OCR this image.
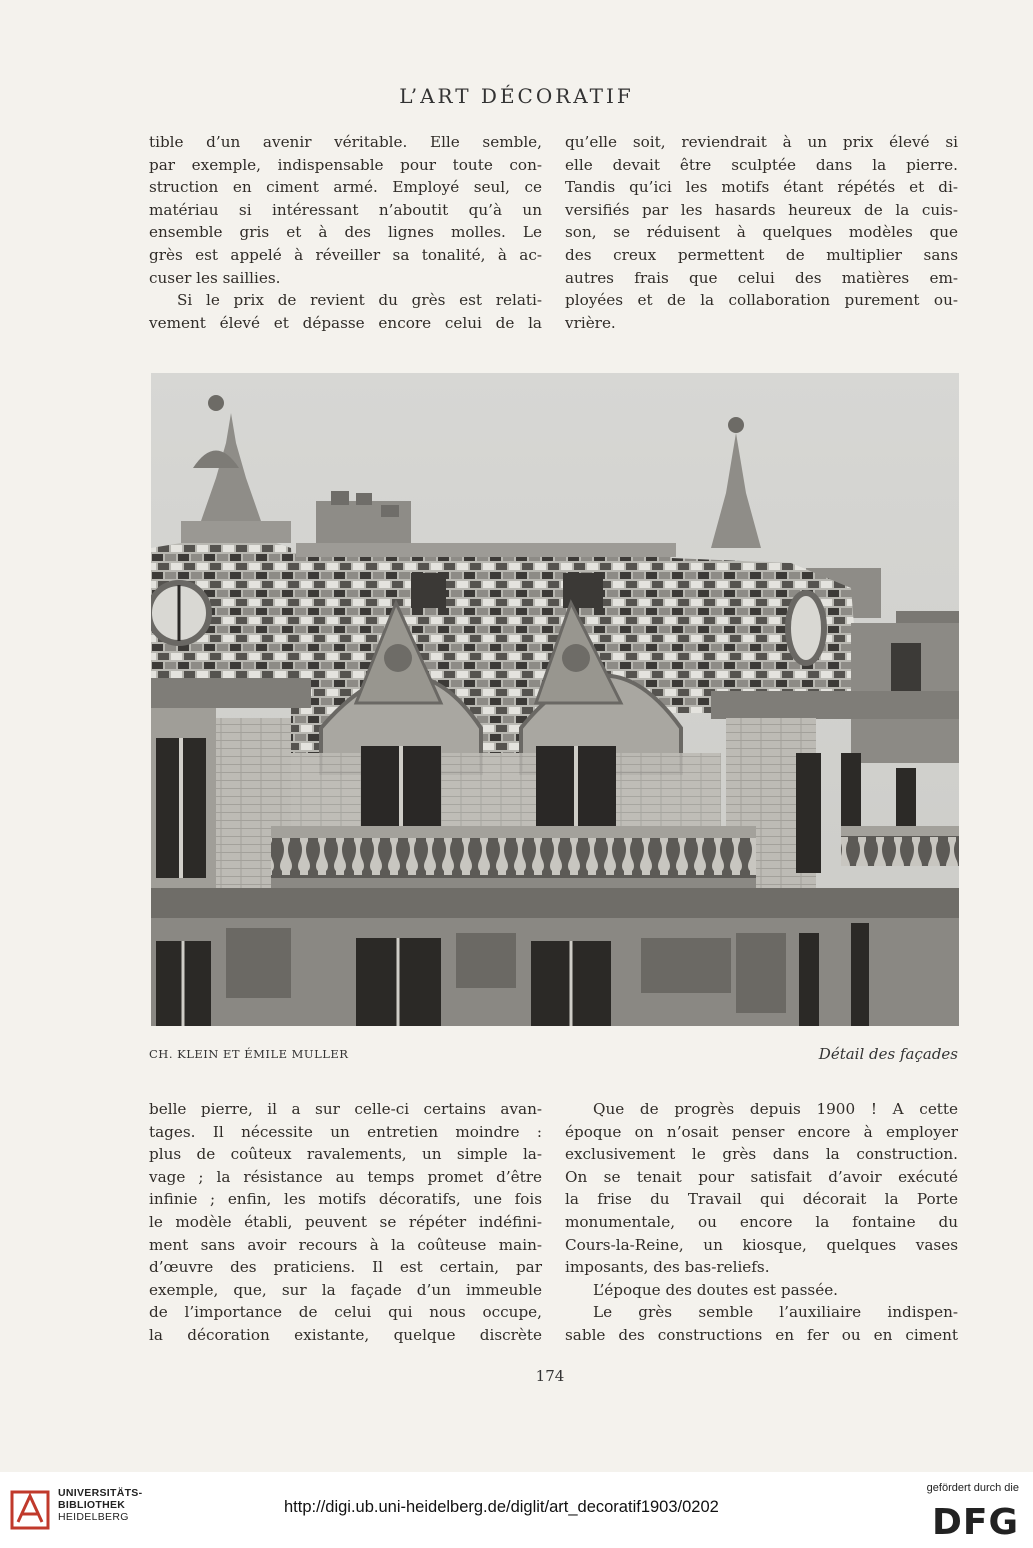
L’ART DÉCORATIF
tible d’un avenir véritable. Elle semble,
par exemple, indispensable pour toute con-
struction en ciment armé. Employé seul, ce
matériau si intéressant n’aboutit qu’à un
ensemble gris et à des lignes molles. Le
grès est appelé à réveiller sa tonalité, à ac-
cuser les saillies.
Si le prix de revient du grès est relati-
vement élevé et dépasse encore celui de la
qu’elle soit, reviendrait à un prix élevé si
elle devait être sculptée dans la pierre.
Tandis qu’ici les motifs étant répétés et di-
versifiés par les hasards heureux de la cuis-
son, se réduisent à quelques modèles que
des creux permettent de multiplier sans
autres frais que celui des matières em-
ployées et de la collaboration purement ou-
vrière.
CH. KLEIN ET ÉMILE MULLER	Détail des façades
belle pierre, il a sur celle-ci certains avan-
tages. Il nécessite un entretien moindre :
plus de coûteux ravalements, un simple la-
vage ; la résistance au temps promet d’être
infinie ; enfin, les motifs décoratifs, une fois
le modèle établi, peuvent se répéter indéfini-
ment sans avoir recours à la coûteuse main-
d’œuvre des praticiens. Il est certain, par
exemple, que, sur la façade d’un immeuble
de l’importance de celui qui nous occupe,
la décoration existante, quelque discrète
Que de progrès depuis 1900 ! A cette
époque on n’osait penser encore à employer
exclusivement le grès dans la construction.
On se tenait pour satisfait d’avoir exécuté
la frise du Travail qui décorait la Porte
monumentale, ou encore la fontaine du
Cours-la-Reine, un kiosque, quelques vases
imposants, des bas-reliefs.
L’époque des doutes est passée.
Le grès semble l’auxiliaire indispen-
sable des constructions en fer ou en ciment
174
UNIVERSITÄTS-
BIBLIOTHEK
HEIDELBERG
http://digi.ub.uni-heidelberg.de/diglit/art_decoratif1903/0202
gefördert durch die
DFG
